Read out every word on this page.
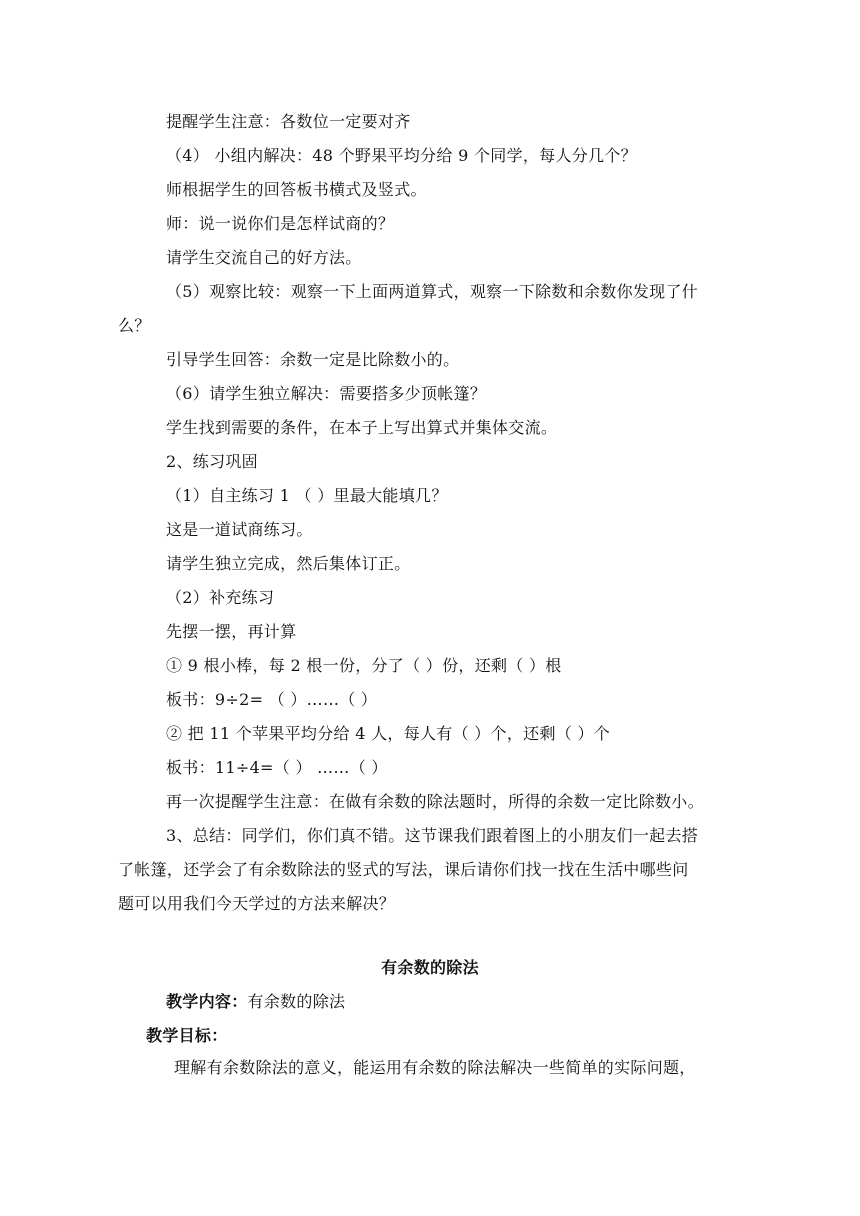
提醒学生注意：各数位一定要对齐

（4） 小组内解决：48 个野果平均分给 9 个同学，每人分几个？

师根据学生的回答板书横式及竖式。

师：说一说你们是怎样试商的？

请学生交流自己的好方法。

（5）观察比较：观察一下上面两道算式，观察一下除数和余数你发现了什

么？

引导学生回答：余数一定是比除数小的。

（6）请学生独立解决：需要搭多少顶帐篷？

学生找到需要的条件，在本子上写出算式并集体交流。

2、练习巩固

（1）自主练习 1 （ ）里最大能填几？

这是一道试商练习。

请学生独立完成，然后集体订正。

（2）补充练习

先摆一摆，再计算

① 9 根小棒，每 2 根一份，分了（ ）份，还剩（ ）根

板书：9÷2= （ ）……（ ）

② 把 11 个苹果平均分给 4 人，每人有（ ）个，还剩（ ）个

板书：11÷4=（ ） ……（ ）

再一次提醒学生注意：在做有余数的除法题时，所得的余数一定比除数小。

3、总结：同学们，你们真不错。这节课我们跟着图上的小朋友们一起去搭

了帐篷，还学会了有余数除法的竖式的写法，课后请你们找一找在生活中哪些问

题可以用我们今天学过的方法来解决？

有余数的除法

教学内容：有余数的除法

教学目标：

理解有余数除法的意义，能运用有余数的除法解决一些简单的实际问题，
